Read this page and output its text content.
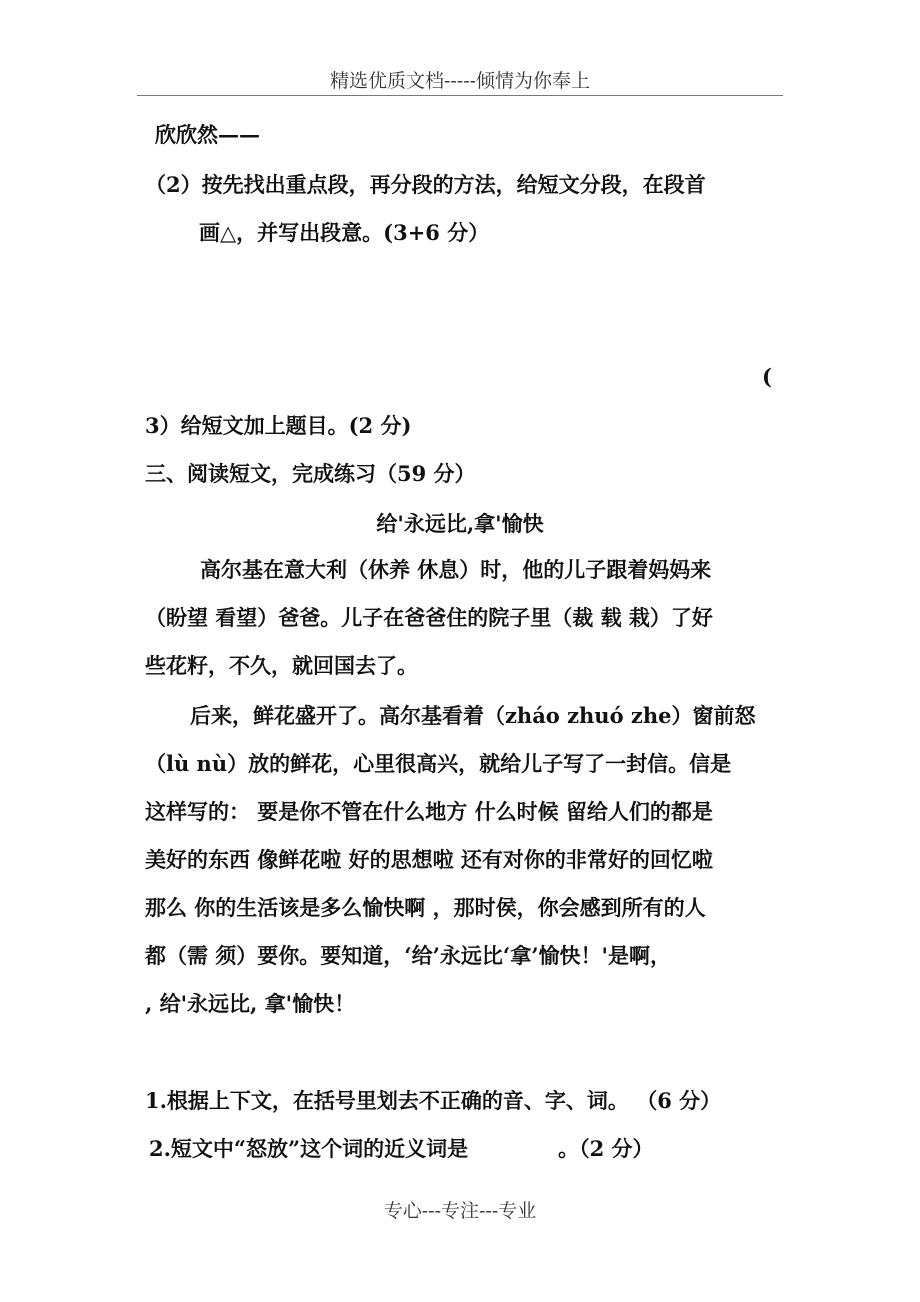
精选优质文档-----倾情为你奉上
欣欣然——
（2）按先找出重点段，再分段的方法，给短文分段，在段首
画△，并写出段意。(3+6 分）
(
3）给短文加上题目。(2 分)
三、阅读短文，完成练习（59 分）
给'永远比,拿'愉快
高尔基在意大利（休养 休息）时，他的儿子跟着妈妈来
（盼望 看望）爸爸。儿子在爸爸住的院子里（裁 载 栽）了好
些花籽，不久，就回国去了。
后来，鲜花盛开了。高尔基看着（zháo zhuó zhe）窗前怒
（lù nù）放的鲜花，心里很高兴，就给儿子写了一封信。信是
这样写的： 要是你不管在什么地方 什么时候 留给人们的都是
美好的东西 像鲜花啦 好的思想啦 还有对你的非常好的回忆啦
那么 你的生活该是多么愉快啊 ，那时侯，你会感到所有的人
都（需 须）要你。要知道，‘给’永远比‘拿’愉快！'是啊，
, 给'永远比, 拿'愉快！
1.根据上下文，在括号里划去不正确的音、字、词。 （6 分）
2.短文中“怒放”这个词的近义词是	。（2 分）
专心---专注---专业
